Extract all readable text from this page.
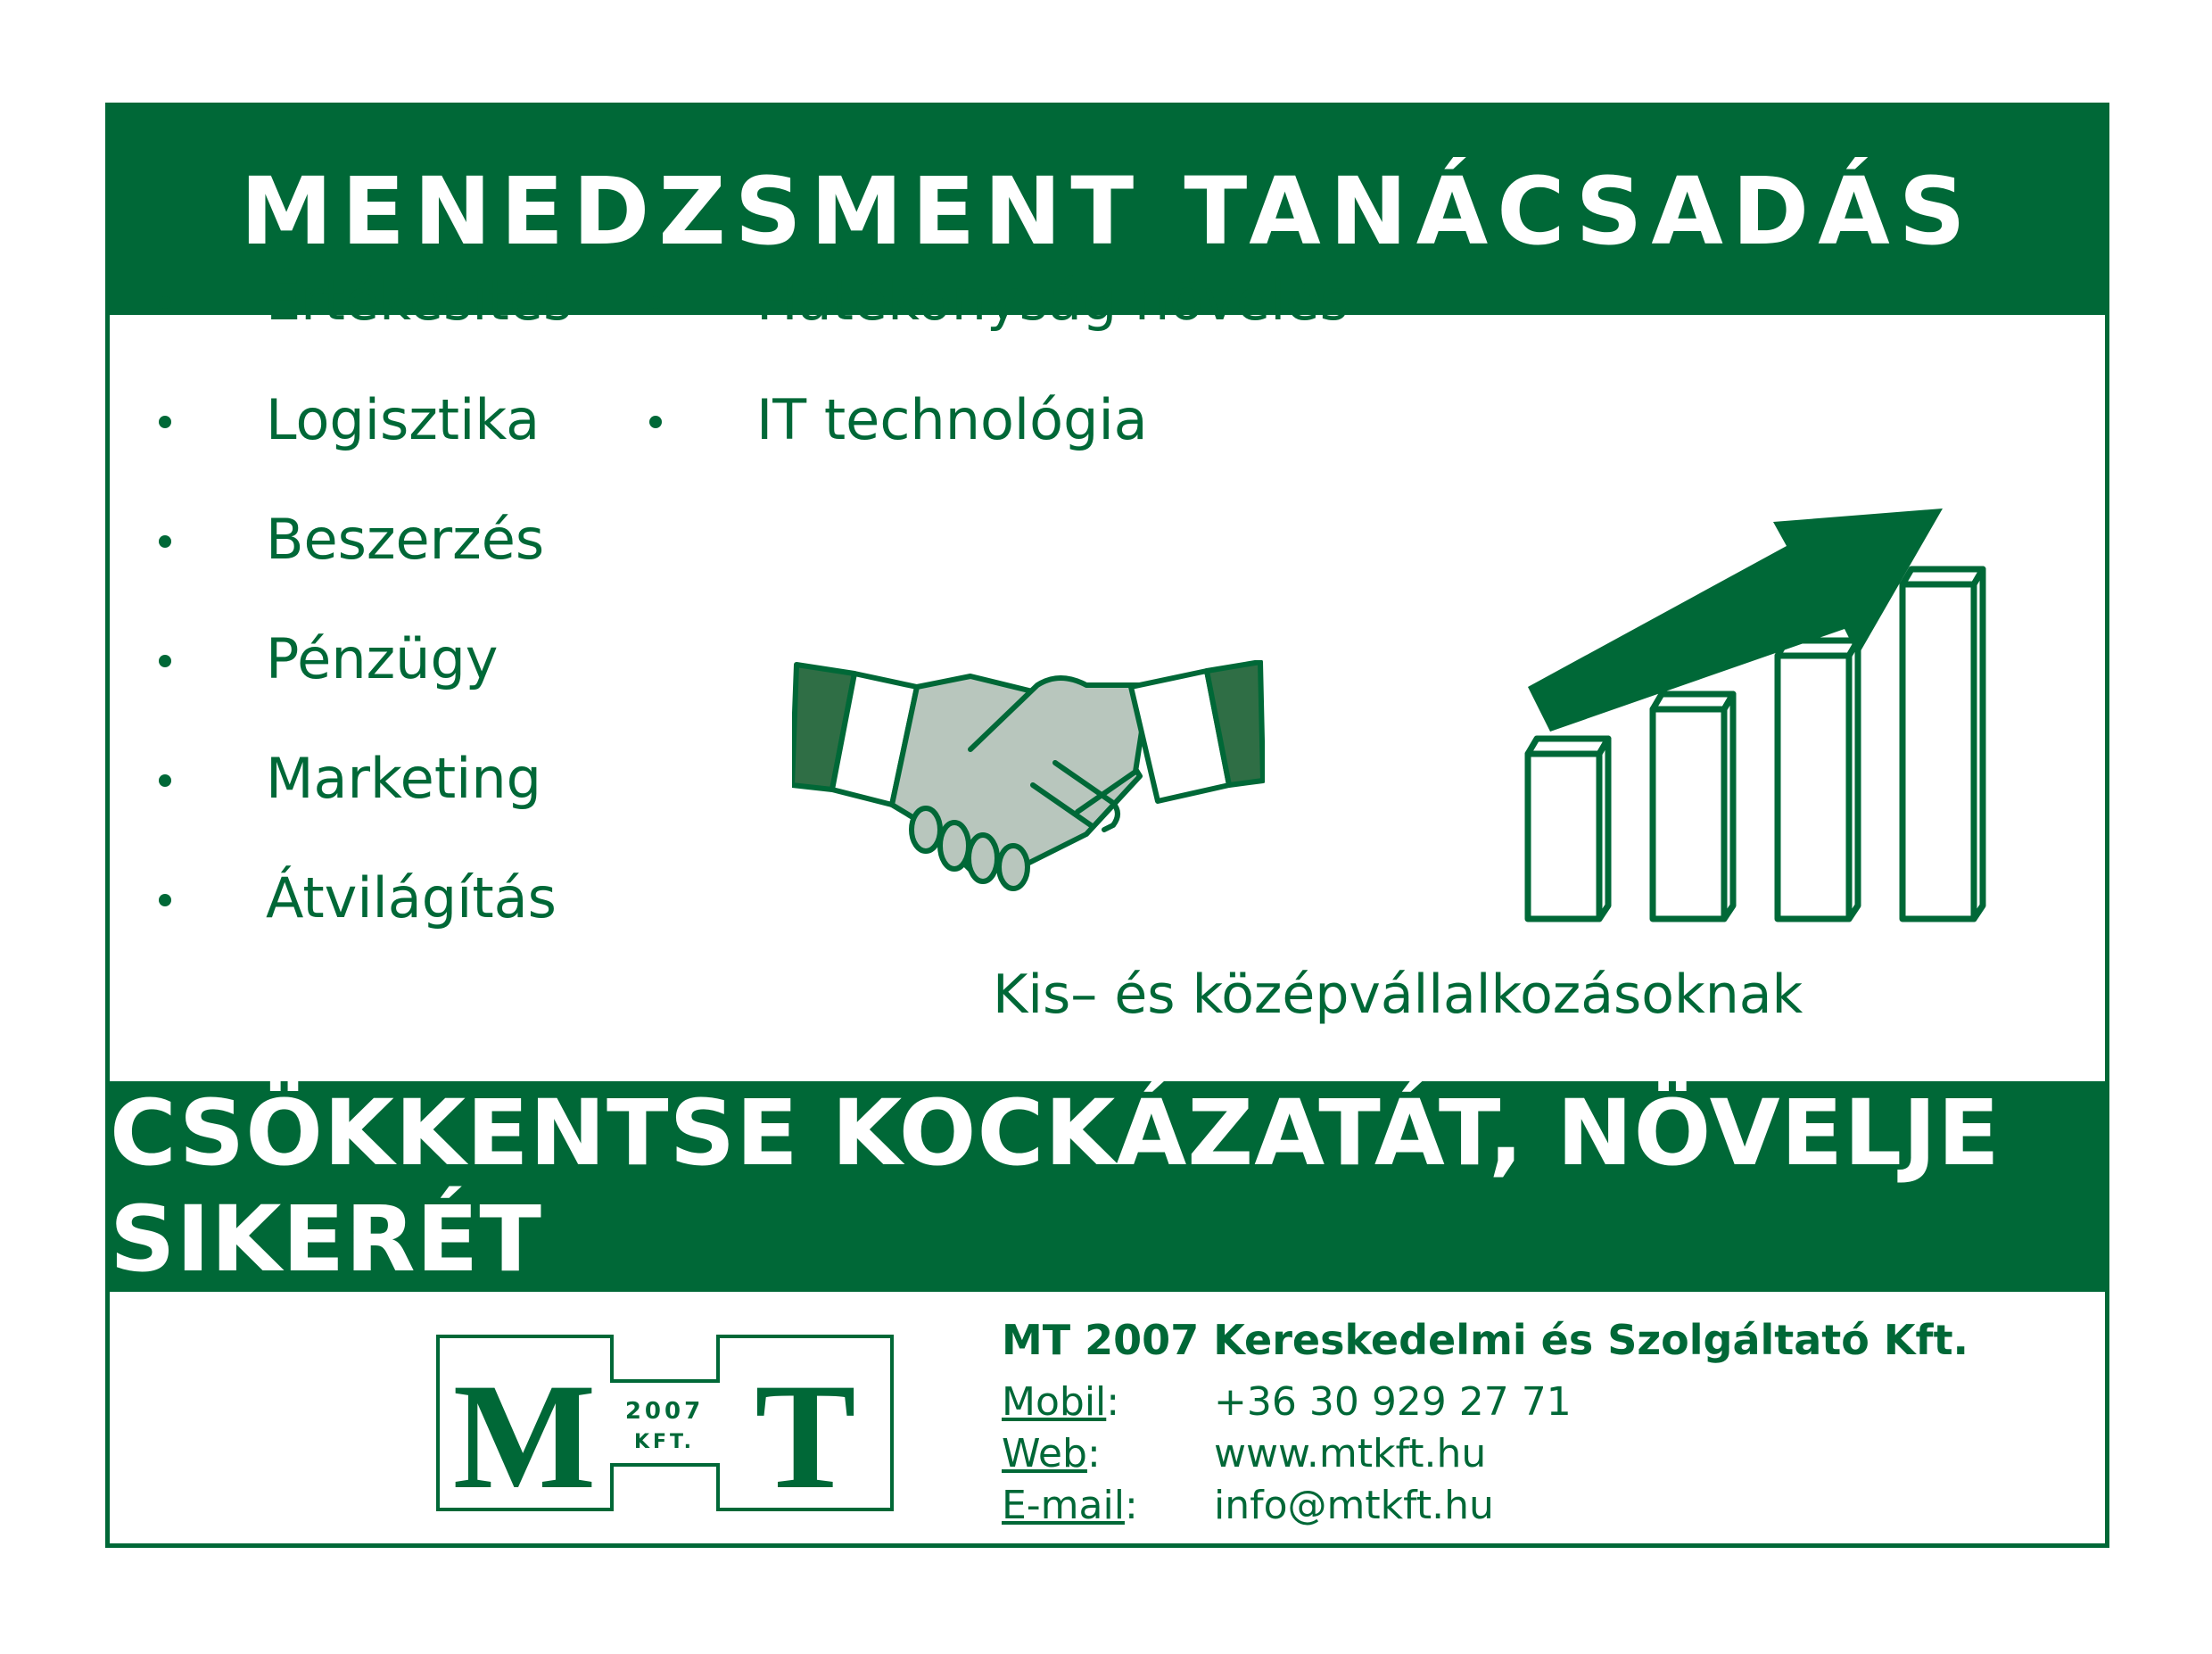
MENEDZSMENT TANÁCSADÁS
Értékesítés
Logisztika
Beszerzés
Pénzügy
Marketing
Átvilágítás
Hatékonyság növelés
IT technológia
Kis– és középvállalkozásoknak
CSÖKKENTSE KOCKÁZATÁT, NÖVELJE SIKERÉT
M T
2007
KFT.
MT 2007 Kereskedelmi és Szolgáltató Kft.
Mobil:	+36 30 929 27 71
Web:	www.mtkft.hu
E-mail:	info@mtkft.hu
